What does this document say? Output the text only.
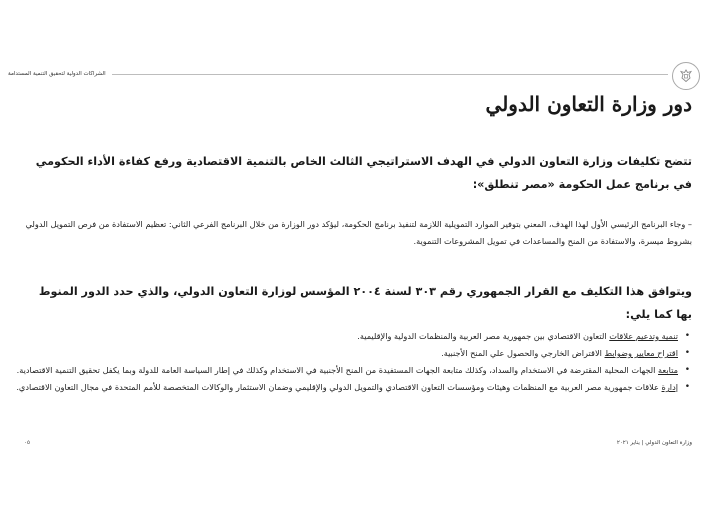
الشراكات الدولية لتحقيق التنمية المستدامة
دور وزارة التعاون الدولي

تتضح تكليفات وزارة التعاون الدولي في الهدف الاستراتيجي الثالث الخاص بالتنمية الاقتصادية ورفع كفاءة الأداء الحكومي في برنامج عمل الحكومة «مصر تنطلق»:

– وجاء البرنامج الرئيسي الأول لهذا الهدف، المعني بتوفير الموارد التمويلية اللازمة لتنفيذ برنامج الحكومة، ليؤكد دور الوزارة من خلال البرنامج الفرعي الثاني: تعظيم الاستفادة من فرص التمويل الدولي بشروط ميسرة، والاستفادة من المنح والمساعدات في تمويل المشروعات التنموية.

ويتوافق هذا التكليف مع القرار الجمهوري رقم ٣٠٣ لسنة ٢٠٠٤ المؤسس لوزارة التعاون الدولي، والذي حدد الدور المنوط بها كما يلي:

•
تنمية وتدعيم علاقات التعاون الاقتصادي بين جمهورية مصر العربية والمنظمات الدولية والإقليمية.
•
اقتراح معايير وضوابط الاقتراض الخارجي والحصول علي المنح الأجنبية.
•
متابعة الجهات المحلية المقترضة في الاستخدام والسداد، وكذلك متابعة الجهات المستفيدة من المنح الأجنبية في الاستخدام وكذلك في إطار السياسة العامة للدولة وبما يكفل تحقيق التنمية الاقتصادية.
•
إدارة علاقات جمهورية مصر العربية مع المنظمات وهيئات ومؤسسات التعاون الاقتصادي والتمويل الدولي والإقليمي وضمان الاستثمار والوكالات المتخصصة للأمم المتحدة في مجال التعاون الاقتصادي.
وزارة التعاون الدولي | يناير ٢٠٢١
٠٥
